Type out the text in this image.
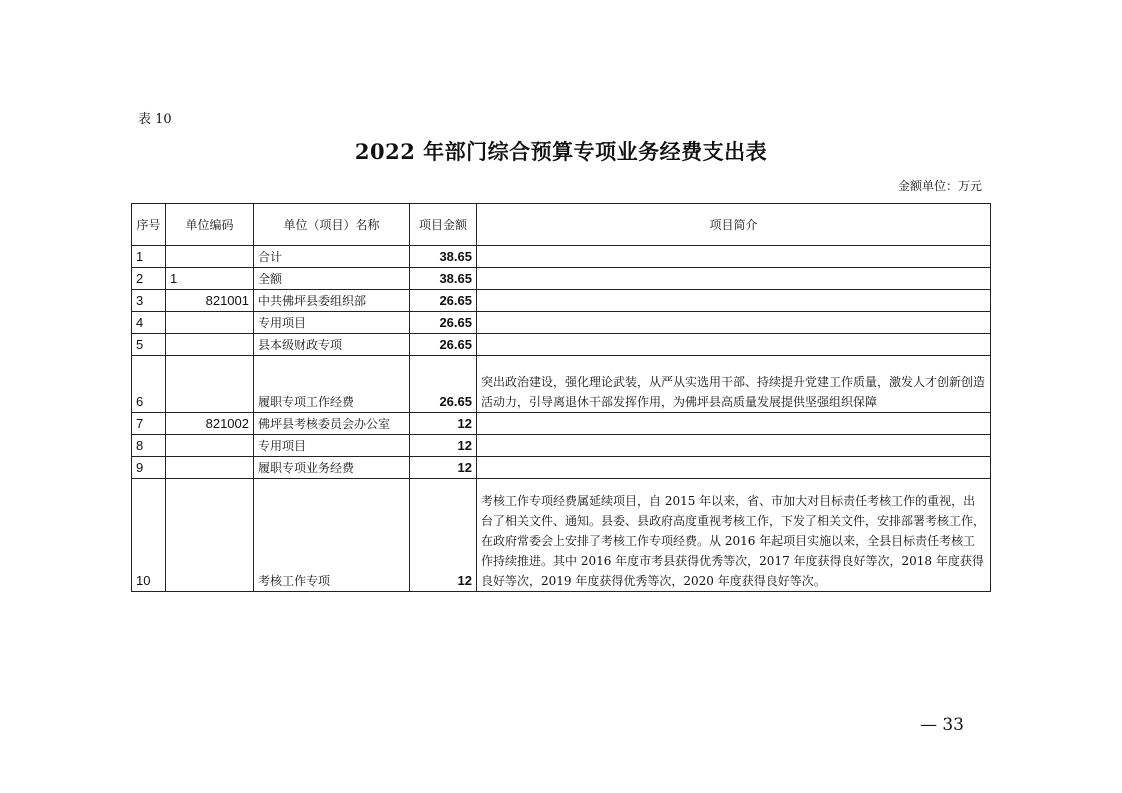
表 10
2022 年部门综合预算专项业务经费支出表
金额单位：万元
序号	单位编码	单位（项目）名称	项目金额	项目简介
1		合计	38.65	
2	1	全额	38.65	
3	821001	中共佛坪县委组织部	26.65	
4		专用项目	26.65	
5		县本级财政专项	26.65	
6		履职专项工作经费	26.65	突出政治建设，强化理论武装，从严从实选用干部、持续提升党建工作质量，激发人才创新创造活动力，引导离退休干部发挥作用，为佛坪县高质量发展提供坚强组织保障
7	821002	佛坪县考核委员会办公室	12	
8		专用项目	12	
9		履职专项业务经费	12	
10		考核工作专项	12	考核工作专项经费属延续项目，自 2015 年以来，省、市加大对目标责任考核工作的重视，出台了相关文件、通知。县委、县政府高度重视考核工作，下发了相关文件，安排部署考核工作，在政府常委会上安排了考核工作专项经费。从 2016 年起项目实施以来，全县目标责任考核工作持续推进。其中 2016 年度市考县获得优秀等次，2017 年度获得良好等次，2018 年度获得良好等次，2019 年度获得优秀等次，2020 年度获得良好等次。
— 33
